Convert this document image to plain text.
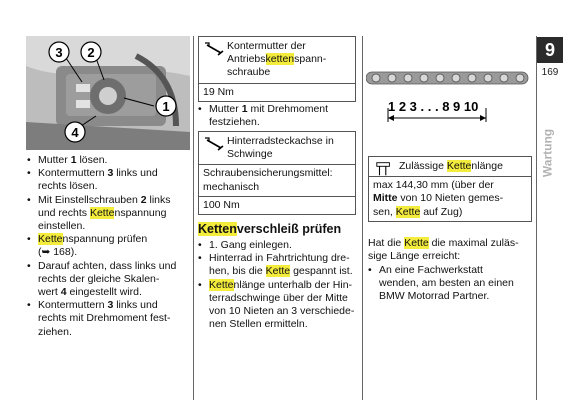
3 2
1
4
• Mutter 1 lösen.
• Kontermuttern 3 links und
rechts lösen.
• Mit Einstellschrauben 2 links
und rechts Kettenspannung
einstellen.
• Kettenspannung prüfen
(➥ 168).
• Darauf achten, dass links und
rechts der gleiche Skalen-
wert 4 eingestellt wird.
• Kontermuttern 3 links und
rechts mit Drehmoment fest-
ziehen.
Kontermutter der
Antriebskettenspann-
schraube
19 Nm
• Mutter 1 mit Drehmoment
festziehen.
Hinterradsteckachse in
Schwinge
Schraubensicherungsmittel:
mechanisch
100 Nm
Kettenverschleiß prüfen
• 1. Gang einlegen.
• Hinterrad in Fahrtrichtung dre-
hen, bis die Kette gespannt ist.
• Kettenlänge unterhalb der Hin-
terradschwinge über der Mitte
von 10 Nieten an 3 verschiede-
nen Stellen ermitteln.
1 2 3 . . . 8 9 10
Zulässige Kettenlänge
max 144,30 mm (über der
Mitte von 10 Nieten gemes-
sen, Kette auf Zug)
Hat die Kette die maximal zuläs-
sige Länge erreicht:
• An eine Fachwerkstatt
wenden, am besten an einen
BMW Motorrad Partner.
9
169
Wartung
